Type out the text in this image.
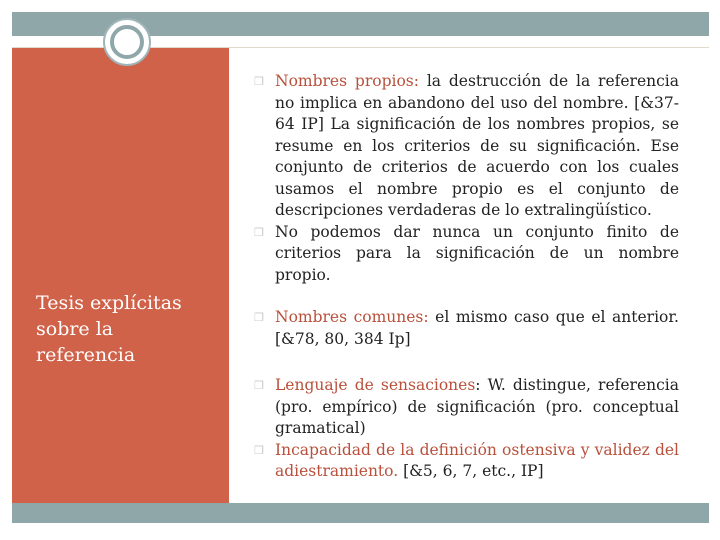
Tesis explícitas
sobre la
referencia

❒ Nombres propios: la destrucción de la referencia no implica en abandono del uso del nombre. [&37-64 IP] La significación de los nombres propios, se resume en los criterios de su significación. Ese conjunto de criterios de acuerdo con los cuales usamos el nombre propio es el conjunto de descripciones verdaderas de lo extralingüístico.

❒ No podemos dar nunca un conjunto finito de criterios para la significación de un nombre propio.

❒ Nombres comunes: el mismo caso que el anterior. [&78, 80, 384 Ip]

❒ Lenguaje de sensaciones: W. distingue, referencia (pro. empírico) de significación (pro. conceptual gramatical)

❒ Incapacidad de la definición ostensiva y validez del adiestramiento. [&5, 6, 7, etc., IP]
